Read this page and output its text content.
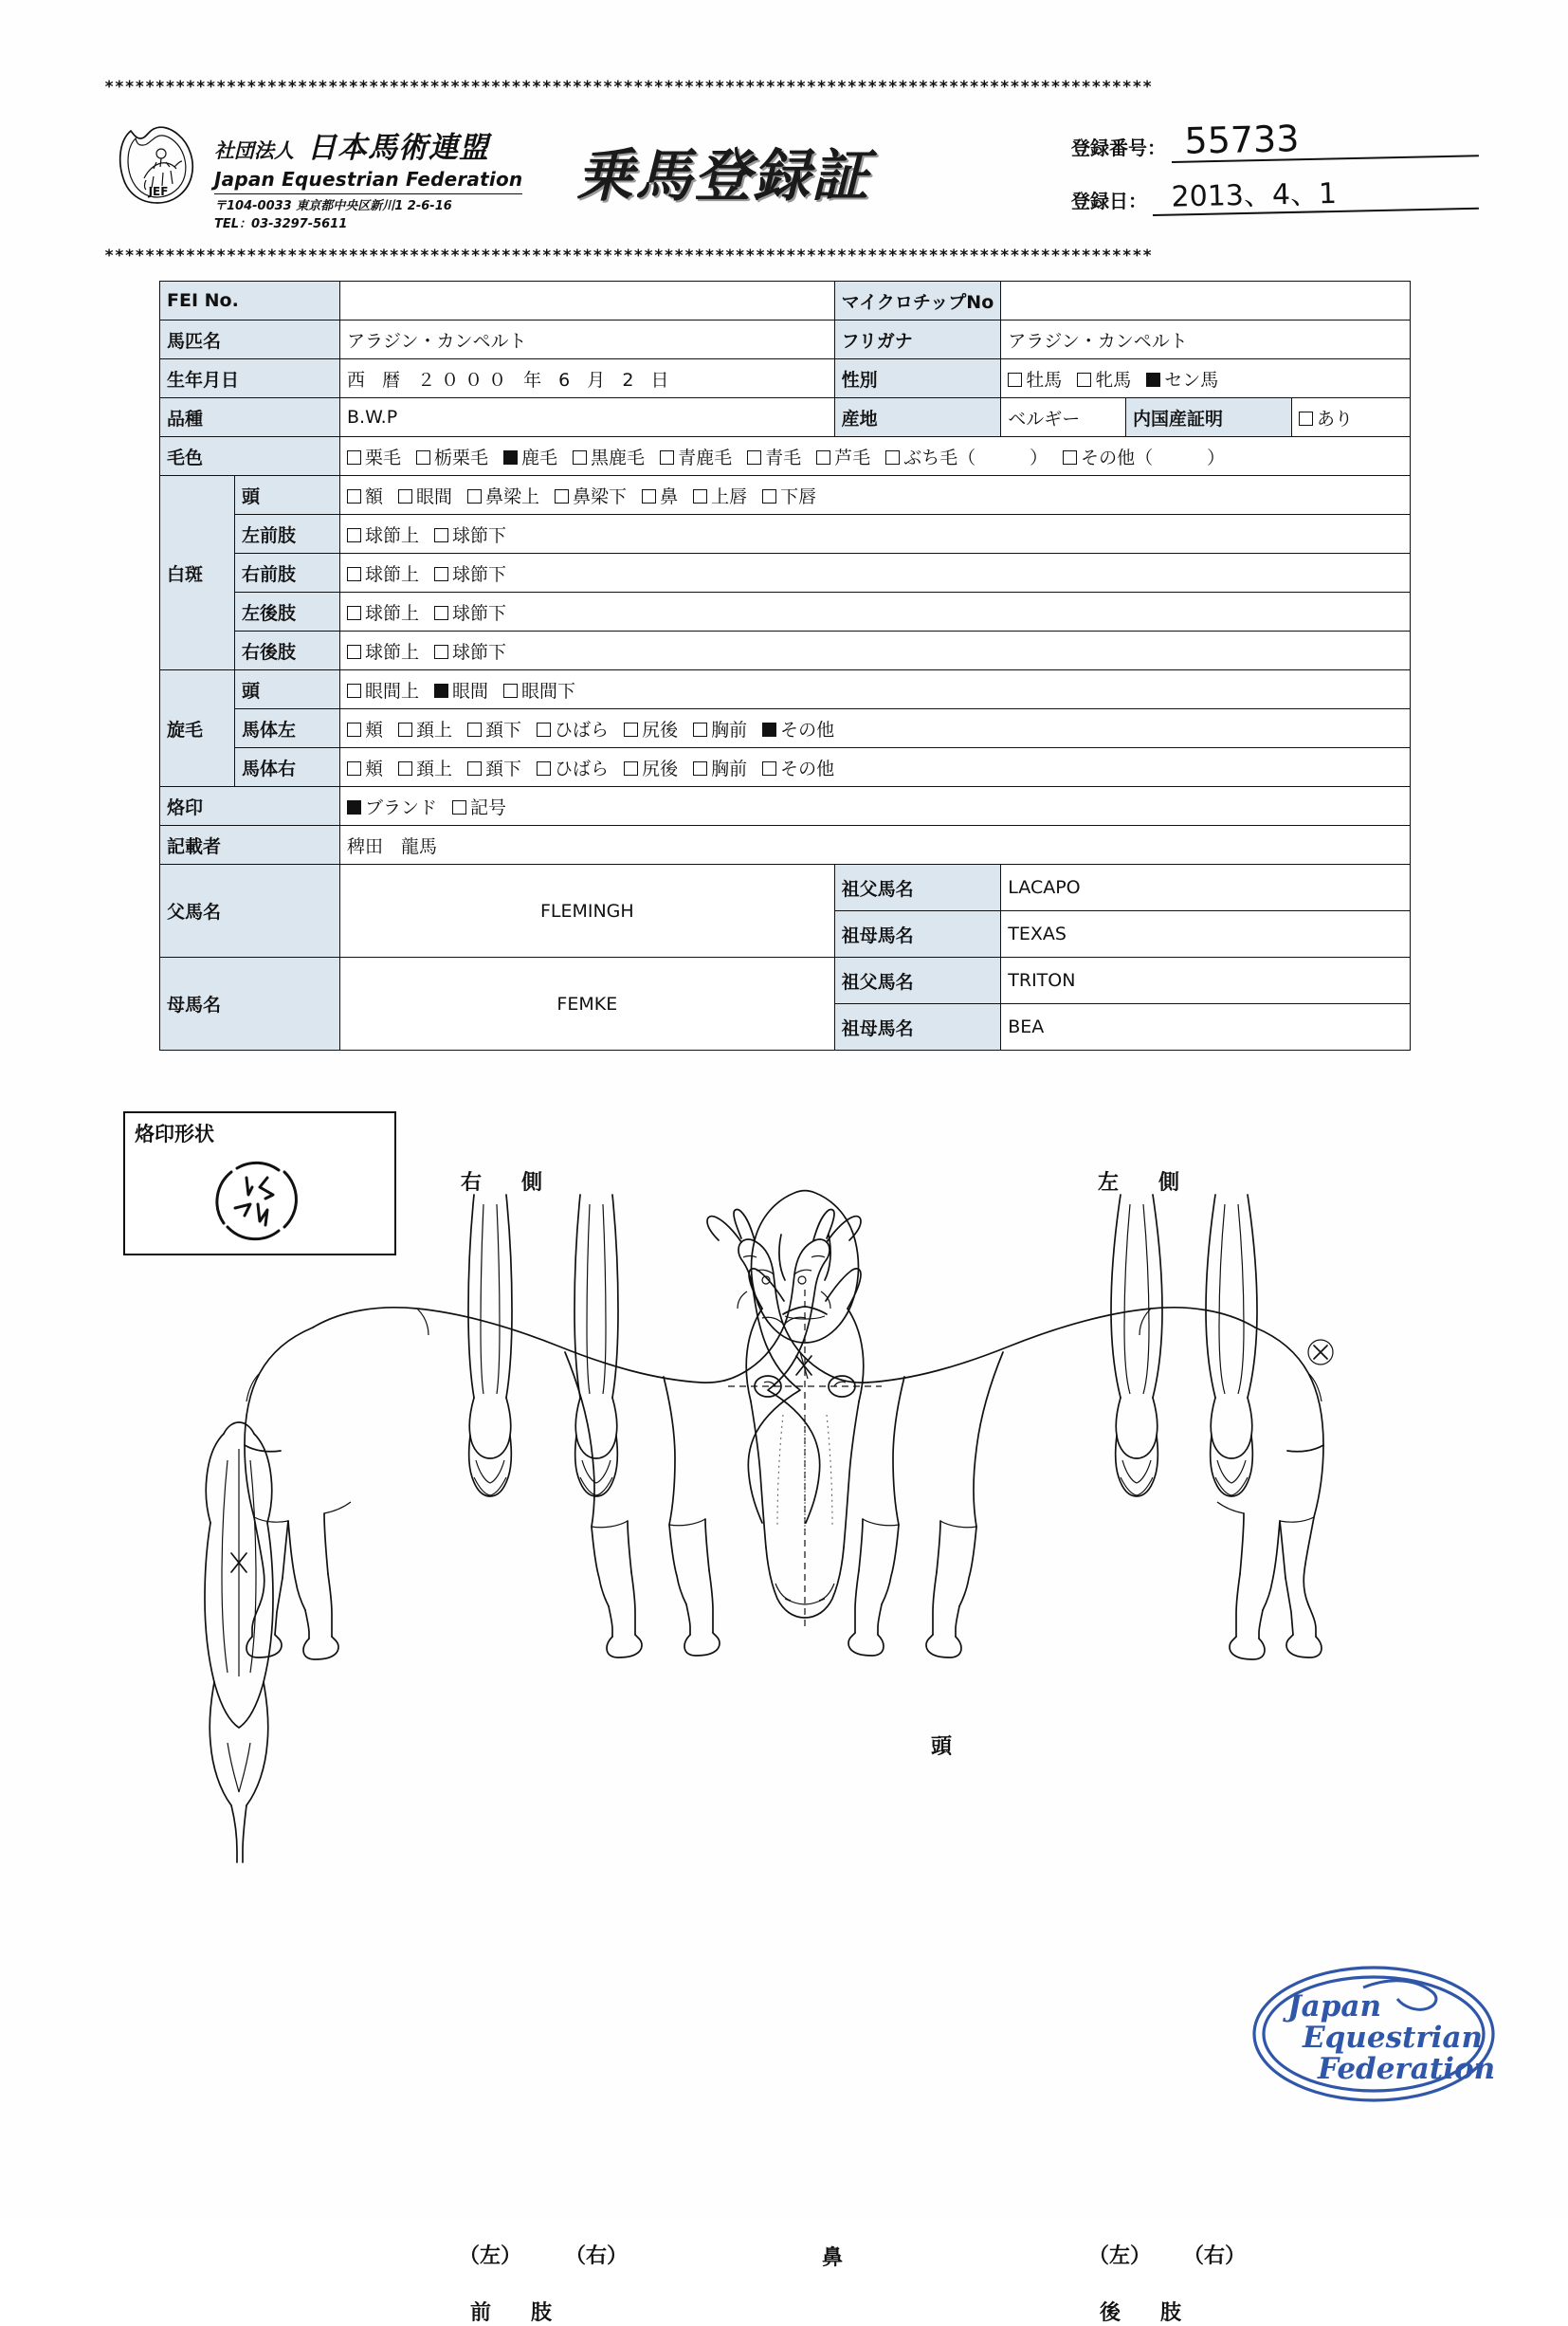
*******************************************************************************************************
*******************************************************************************************************
JEF
社団法人 日本馬術連盟
Japan Equestrian Federation
〒104-0033 東京都中央区新川1 2-6-16
TEL：03-3297-5611
乗馬登録証	登録番号： 55733
登録日： 2013、4、1
FEI No.			マイクロチップNo			
馬匹名		アラジン・カンペルト	フリガナ	アラジン・カンペルト		
生年月日		西 暦 ２０００ 年 6 月 2 日	性別	牡馬 牝馬 セン馬		
品種		B.W.P	産地	ベルギー	内国産証明	あり
毛色		栗毛 栃栗毛 鹿毛 黒鹿毛 青鹿毛 青毛 芦毛 ぶち毛（　　　） その他（　　　）				
白斑	頭	額 眼間 鼻梁上 鼻梁下 鼻 上唇 下唇				
	左前肢	球節上 球節下				
	右前肢	球節上 球節下				
	左後肢	球節上 球節下				
	右後肢	球節上 球節下				
旋毛	頭	眼間上 眼間 眼間下				
	馬体左	頬 頚上 頚下 ひばら 尻後 胸前 その他				
	馬体右	頬 頚上 頚下 ひばら 尻後 胸前 その他				
烙印		ブランド 記号				
記載者		稗田　龍馬				
父馬名		FLEMINGH	祖父馬名	LACAPO		
			祖母馬名	TEXAS		
母馬名		FEMKE	祖父馬名	TRITON		
			祖母馬名	BEA		
烙印形状
右　側	左　側
頭
鼻
（左） （右）
前　肢
（左） （右）
後　肢
Japan
Equestrian
Federation
